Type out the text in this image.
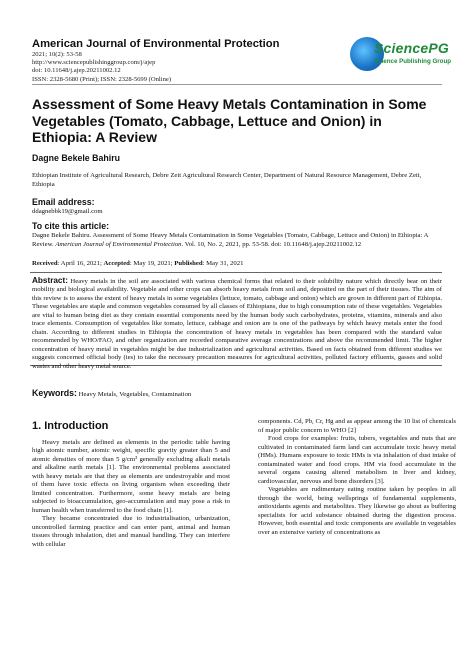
American Journal of Environmental Protection
2021; 10(2): 53-58
http://www.sciencepublishinggroup.com/j/ajep
doi: 10.11648/j.ajep.20211002.12
ISSN: 2328-5680 (Print); ISSN: 2328-5699 (Online)
SciencePG
Science Publishing Group
Assessment of Some Heavy Metals Contamination in Some Vegetables (Tomato, Cabbage, Lettuce and Onion) in Ethiopia: A Review
Dagne Bekele Bahiru
Ethiopian Institute of Agricultural Research, Debre Zeit Agricultural Research Center, Department of Natural Resource Management, Debre Zeit, Ethiopia
Email address:
ddagnebbk19@gmail.com
To cite this article:
Dagne Bekele Bahiru. Assessment of Some Heavy Metals Contamination in Some Vegetables (Tomato, Cabbage, Lettuce and Onion) in Ethiopia: A Review. American Journal of Environmental Protection. Vol. 10, No. 2, 2021, pp. 53-58. doi: 10.11648/j.ajep.20211002.12
Received: April 16, 2021; Accepted: May 19, 2021; Published: May 31, 2021
Abstract: Heavy metals in the soil are associated with various chemical forms that related to their solubility nature which directly bear on their mobility and biological availability. Vegetable and other crops can absorb heavy metals from soil and, deposited on the part of their tissues. The aim of this review is to assess the extent of heavy metals in some vegetables (lettuce, tomato, cabbage and onion) which are grown in different part of Ethiopia. These vegetables are staple and common vegetables consumed by all classes of Ethiopians, due to high consumption rate of these vegetables. Vegetables are vital to human being diet as they contain essential components need by the human body such carbohydrates, proteins, vitamins, minerals and also trace elements. Consumption of vegetables like tomato, lettuce, cabbage and onion are is one of the pathways by which heavy metals enter the food chain. According to different studies in Ethiopia the concentration of heavy metals in vegetables has been compared with the standard value recommended by WHO/FAO, and other organization are recorded comparative average concentrations and above the recommended limit. The higher concentration of heavy metal in vegetables might be due industrialization and agricultural activities. Based on facts obtained from different studies we suggests concerned official body (ies) to take the necessary precaution measures for agricultural activities, polluted factory effluents, gasses and solid wastes and other heavy metal source.
Keywords: Heavy Metals, Vegetables, Contamination
1. Introduction

Heavy metals are defined as elements in the periodic table having high atomic number, atomic weight, specific gravity greater than 5 and atomic densities of more than 5 g/cm³ generally excluding alkali metals and alkaline earth metals [1]. The environmental problems associated with heavy metals are that they as elements are undestroyable and most of them have toxic effects on living organism when exceeding their limited concentration. Furthermore, some heavy metals are being subjected to bioaccumulation, geo-accumulation and may pose a risk to human health when transferred to the food chain [1].

They became concentrated due to industrialisation, urbanization, uncontrolled farming practice and can enter pant, animal and human tissues through inhalation, diet and manual handling. They can interfere with cellular

components. Cd, Pb, Cr, Hg and as appear among the 10 list of chemicals of major public concern to WHO [2]

Food crops for examples: fruits, tubers, vegetables and nuts that are cultivated in contaminated farm land can accumulate toxic heavy metal (HMs). Humans exposure to toxic HMs is via inhalation of dust intake of contaminated water and food crops. HM via food accumulate in the several organs causing altered metabolism in liver and kidney, cardiovascular, nervous and bone disorders [3].

Vegetables are rudimentary eating routine taken by peoples in all through the world, being wellsprings of fundamental supplements, antioxidants agents and metabolites. They likewise go about as buffering specialists for acid substance obtained during the digestion process. However, both essential and toxic components are available in vegetables over an extensive variety of concentrations as
